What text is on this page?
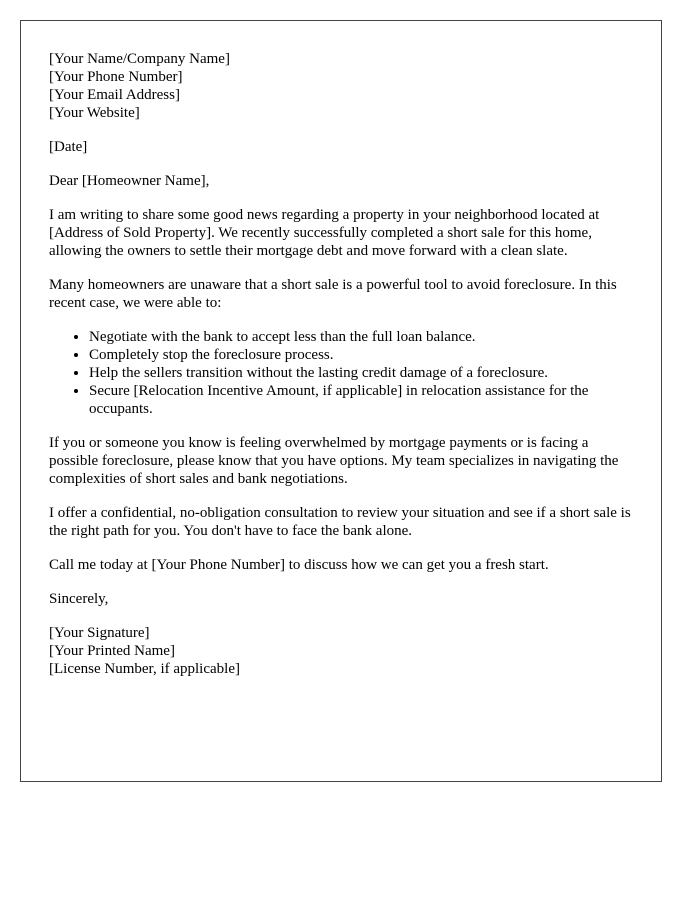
[Your Name/Company Name]

[Your Phone Number]

[Your Email Address]

[Your Website]

[Date]

Dear [Homeowner Name],

I am writing to share some good news regarding a property in your neighborhood located at [Address of Sold Property]. We recently successfully completed a short sale for this home, allowing the owners to settle their mortgage debt and move forward with a clean slate.

Many homeowners are unaware that a short sale is a powerful tool to avoid foreclosure. In this recent case, we were able to:

• Negotiate with the bank to accept less than the full loan balance.
• Completely stop the foreclosure process.
• Help the sellers transition without the lasting credit damage of a foreclosure.
• Secure [Relocation Incentive Amount, if applicable] in relocation assistance for the occupants.

If you or someone you know is feeling overwhelmed by mortgage payments or is facing a possible foreclosure, please know that you have options. My team specializes in navigating the complexities of short sales and bank negotiations.

I offer a confidential, no-obligation consultation to review your situation and see if a short sale is the right path for you. You don't have to face the bank alone.

Call me today at [Your Phone Number] to discuss how we can get you a fresh start.

Sincerely,

[Your Signature]

[Your Printed Name]

[License Number, if applicable]
